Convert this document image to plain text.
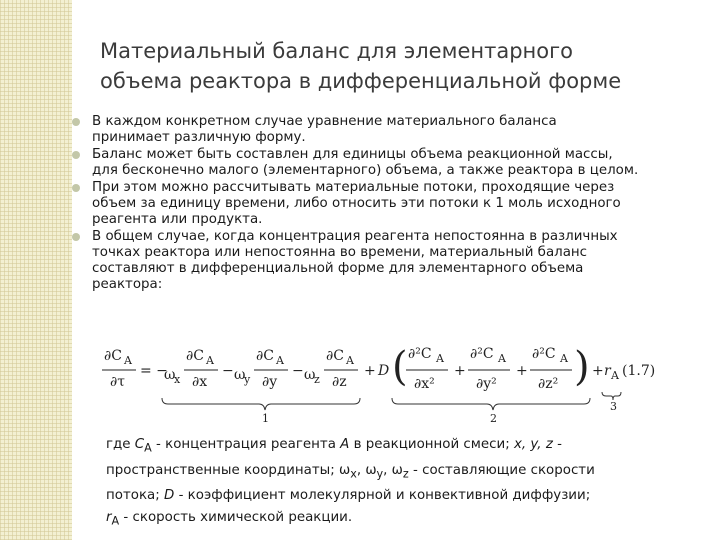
Материальный баланс для элементарного
объема реактора в дифференциальной форме
В каждом конкретном случае уравнение материального баланса
принимает различную форму.
Баланс может быть составлен для единицы объема реакционной массы,
для бесконечно малого (элементарного) объема, а также реактора в целом.
При этом можно рассчитывать материальные потоки, проходящие через
объем за единицу времени, либо относить эти потоки к 1 моль исходного
реагента или продукта.
В общем случае, когда концентрация реагента непостоянна в различных
точках реактора или непостоянна во времени, материальный баланс
составляют в дифференциальной форме для элементарного объема
реактора:
∂C A
∂τ
= −
ω
x
∂C A
∂x
− ω
y
∂C A
∂y
− ω
z
∂C A
∂z
+ D ( ∂²C A
∂x²
+
∂²C A
∂y²
+
∂²C A
∂z² ) + r A (1.7)
1	2
3

где $C_A$ - концентрация реагента A в реакционной смеси; x, y, z -
пространственные координаты; $\omega_x$, $\omega_y$, $\omega_z$ - составляющие скорости
потока; D - коэффициент молекулярной и конвективной диффузии;
$r_A$ - скорость химической реакции.
